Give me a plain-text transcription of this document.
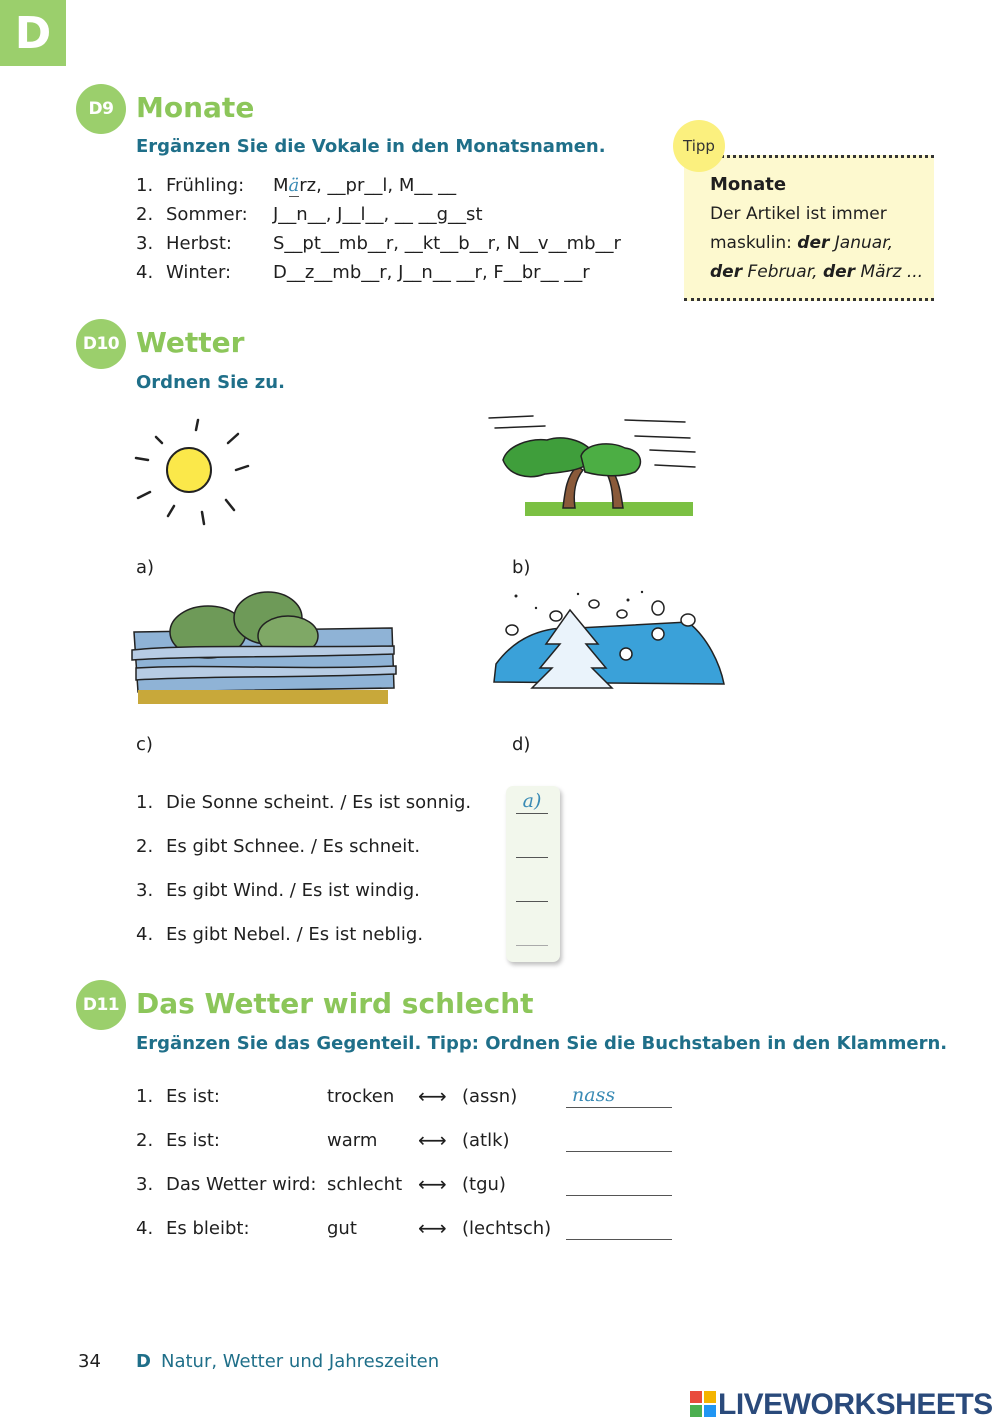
D
D9 Monate
Ergänzen Sie die Vokale in den Monatsnamen.
1. Frühling: März, __pr__l, M__ __
2. Sommer: J__n__, J__l__, __ __g__st
3. Herbst: S__pt__mb__r, __kt__b__r, N__v__mb__r
4. Winter: D__z__mb__r, J__n__ __r, F__br__ __r
Tipp
Monate
Der Artikel ist immer
maskulin: der Januar,
der Februar, der März ...
D10 Wetter
Ordnen Sie zu.
a)	b)
c)	d)
1. Die Sonne scheint. / Es ist sonnig.	a)
2. Es gibt Schnee. / Es schneit.
3. Es gibt Wind. / Es ist windig.
4. Es gibt Nebel. / Es ist neblig.
D11 Das Wetter wird schlecht
Ergänzen Sie das Gegenteil. Tipp: Ordnen Sie die Buchstaben in den Klammern.
1. Es ist:	trocken ⟷ (assn)	nass
2. Es ist:	warm ⟷ (atlk)
3. Das Wetter wird: schlecht ⟷ (tgu)
4. Es bleibt:	gut	⟷ (lechtsch)
34 D Natur, Wetter und Jahreszeiten
LIVEWORKSHEETS
